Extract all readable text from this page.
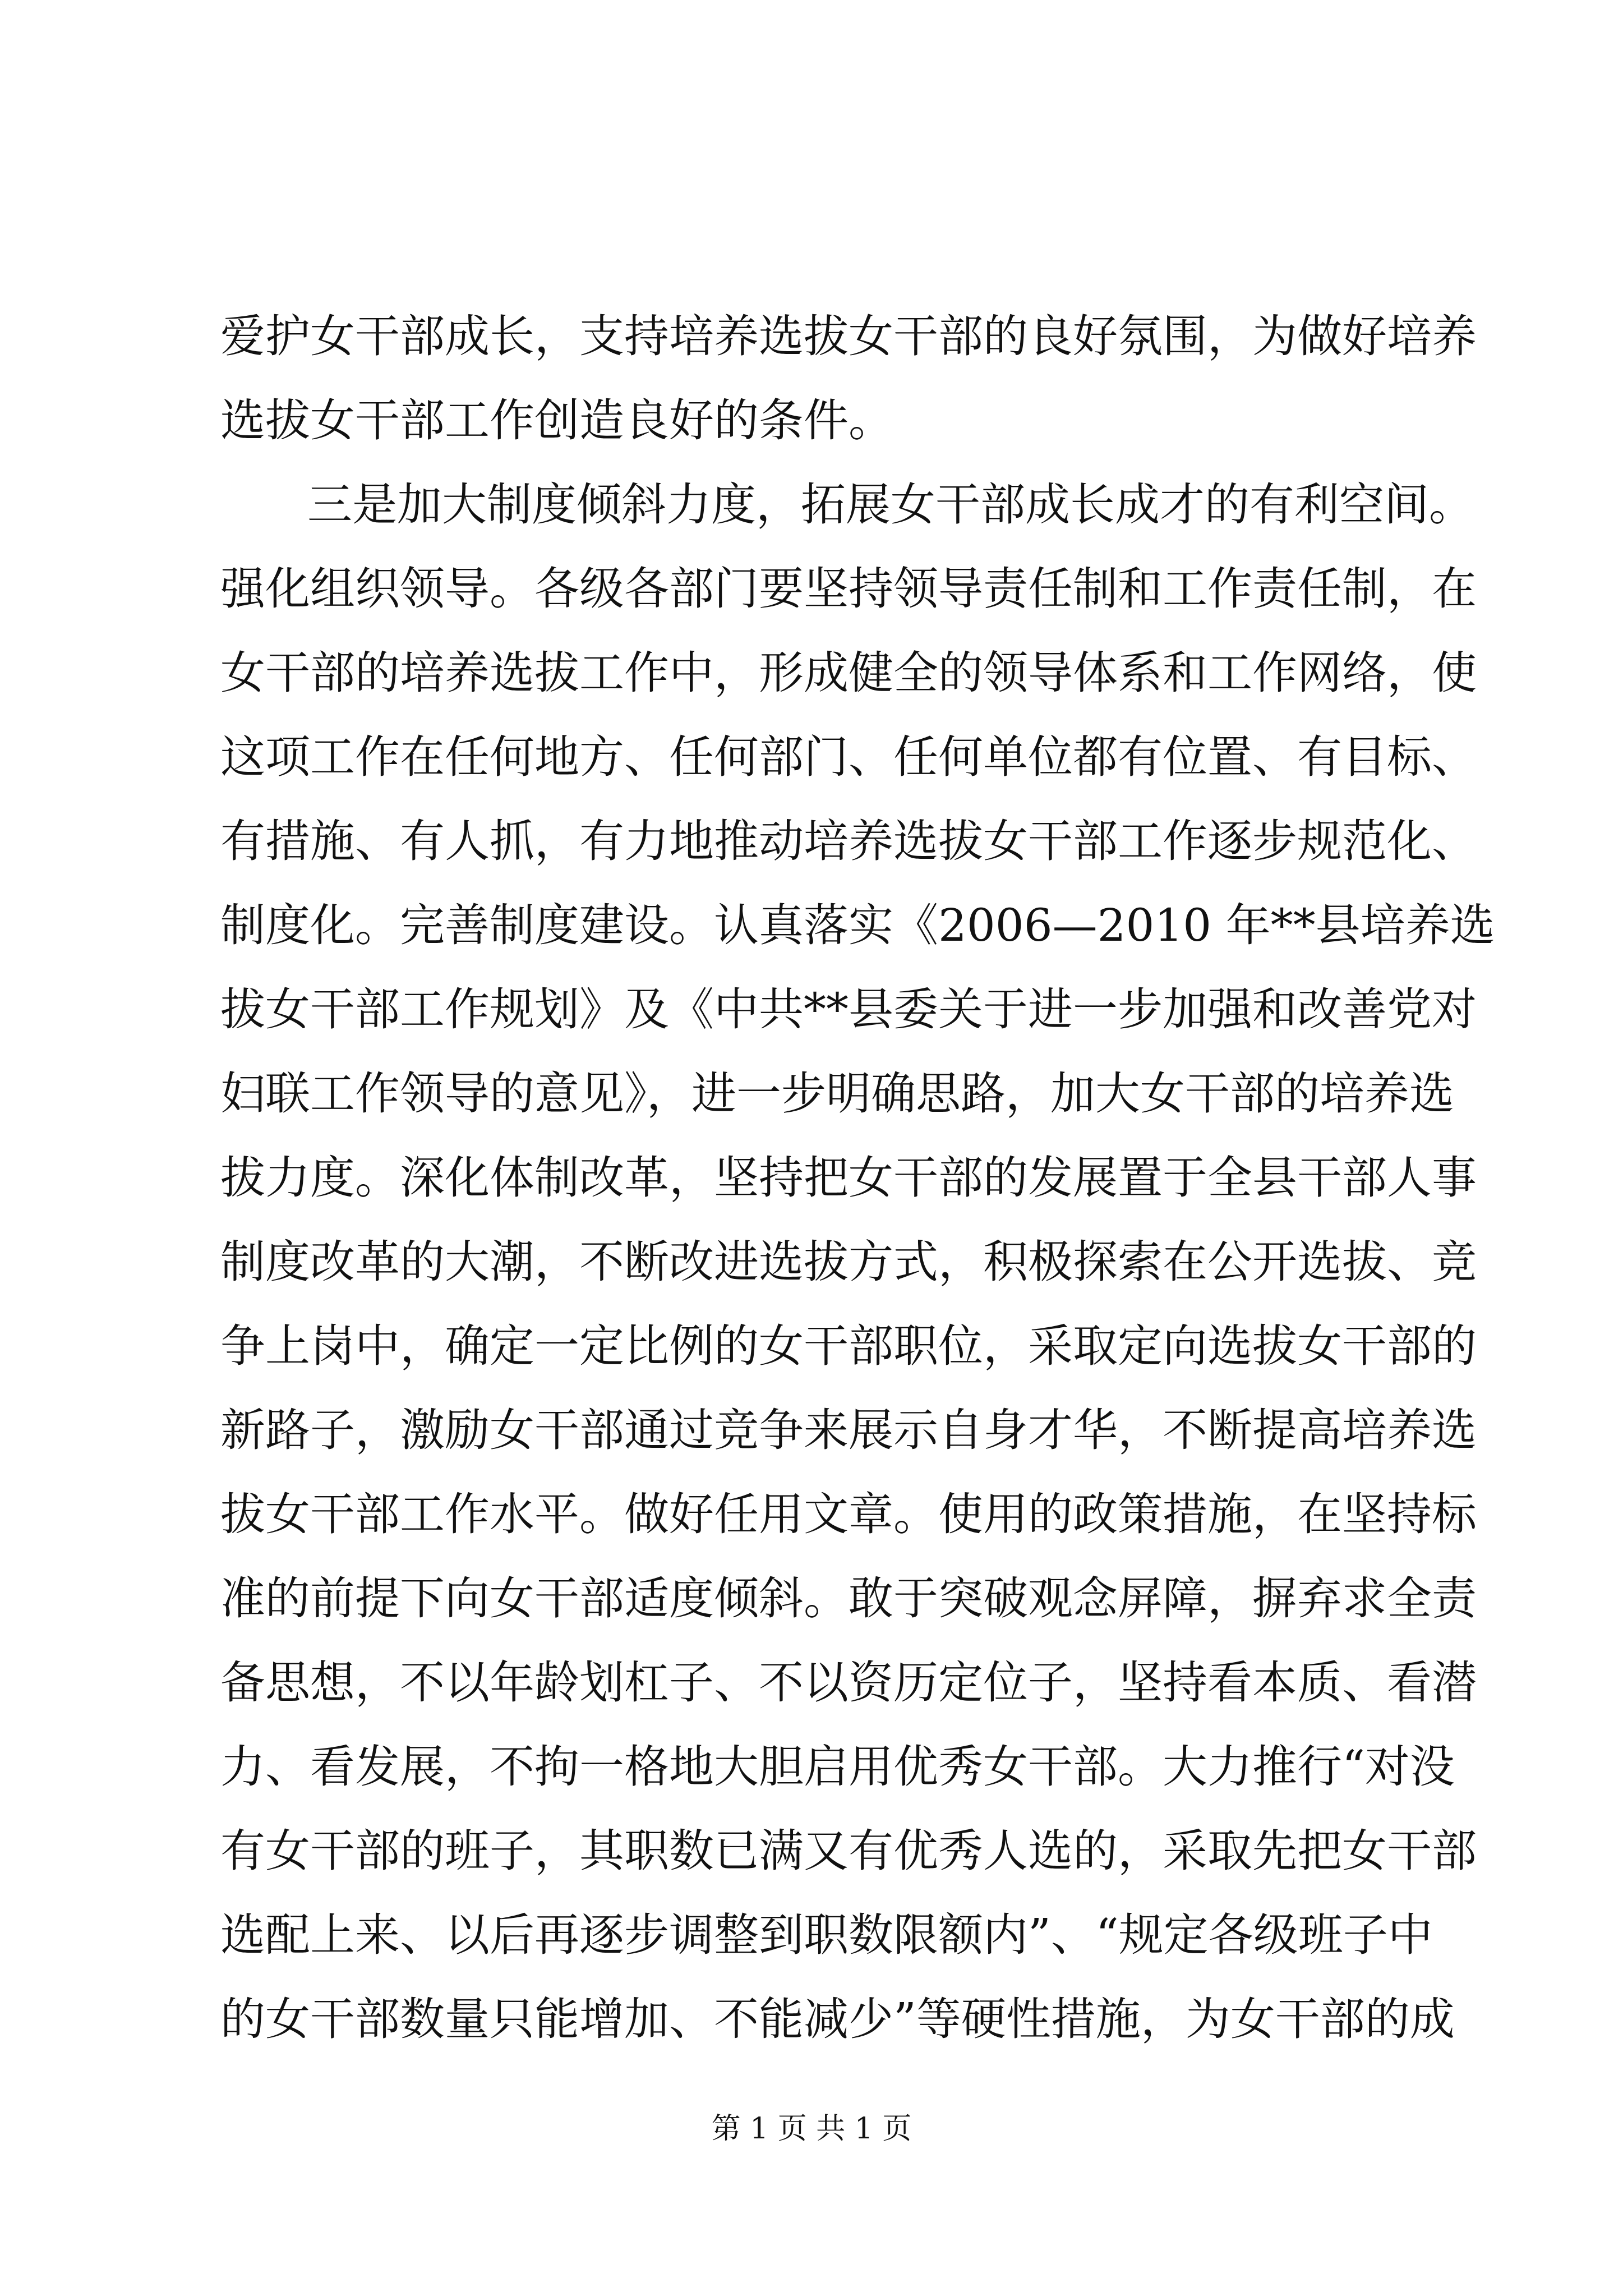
爱护女干部成长，支持培养选拔女干部的良好氛围，为做好培养
选拔女干部工作创造良好的条件。
三是加大制度倾斜力度，拓展女干部成长成才的有利空间。
强化组织领导。各级各部门要坚持领导责任制和工作责任制，在
女干部的培养选拔工作中，形成健全的领导体系和工作网络，使
这项工作在任何地方、任何部门、任何单位都有位置、有目标、
有措施、有人抓，有力地推动培养选拔女干部工作逐步规范化、
制度化。完善制度建设。认真落实《2006—2010 年**县培养选
拔女干部工作规划》及《中共**县委关于进一步加强和改善党对
妇联工作领导的意见》，进一步明确思路，加大女干部的培养选
拔力度。深化体制改革，坚持把女干部的发展置于全县干部人事
制度改革的大潮，不断改进选拔方式，积极探索在公开选拔、竞
争上岗中，确定一定比例的女干部职位，采取定向选拔女干部的
新路子，激励女干部通过竞争来展示自身才华，不断提高培养选
拔女干部工作水平。做好任用文章。使用的政策措施，在坚持标
准的前提下向女干部适度倾斜。敢于突破观念屏障，摒弃求全责
备思想，不以年龄划杠子、不以资历定位子，坚持看本质、看潜
力、看发展，不拘一格地大胆启用优秀女干部。大力推行“对没
有女干部的班子，其职数已满又有优秀人选的，采取先把女干部
选配上来、以后再逐步调整到职数限额内”、“规定各级班子中
的女干部数量只能增加、不能减少”等硬性措施，为女干部的成
第 1 页 共 1 页
